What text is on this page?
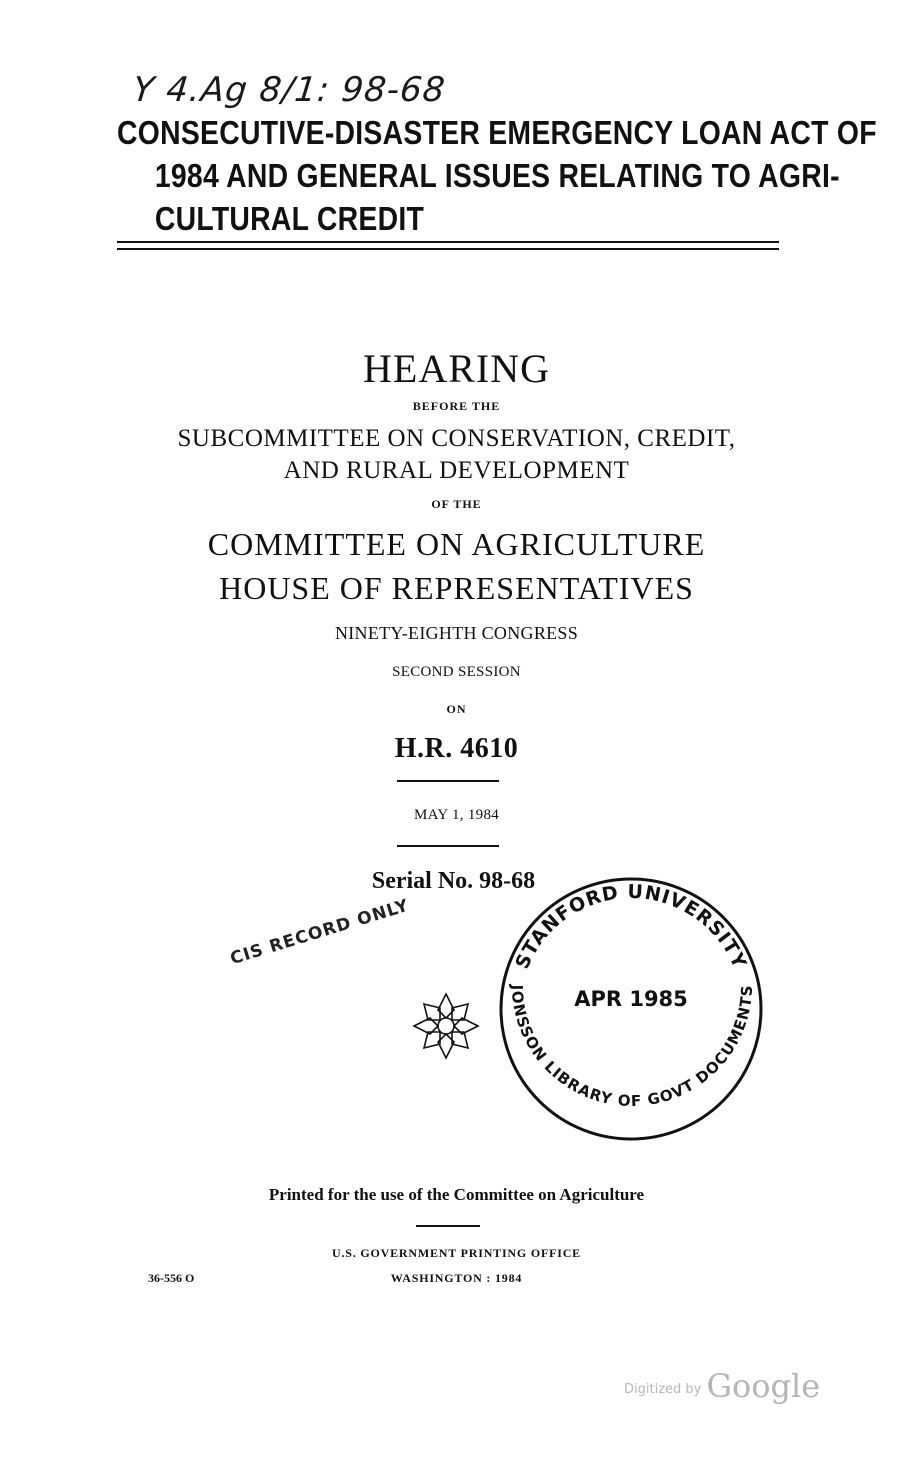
Y 4.Ag 8/1: 98-68
CONSECUTIVE-DISASTER EMERGENCY LOAN ACT OF
1984 AND GENERAL ISSUES RELATING TO AGRI-
CULTURAL CREDIT
HEARING
BEFORE THE
SUBCOMMITTEE ON CONSERVATION, CREDIT,
AND RURAL DEVELOPMENT
OF THE
COMMITTEE ON AGRICULTURE
HOUSE OF REPRESENTATIVES
NINETY-EIGHTH CONGRESS
SECOND SESSION
ON
H.R. 4610
MAY 1, 1984
Serial No. 98-68
CIS RECORD ONLY	STANFORD UNIVERSITY
JONSSON LIBRARY OF GOVT DOCUMENTS
APR 1985
Printed for the use of the Committee on Agriculture
U.S. GOVERNMENT PRINTING OFFICE
WASHINGTON : 1984
36-556 O
$^{Digitized by}$ Google
